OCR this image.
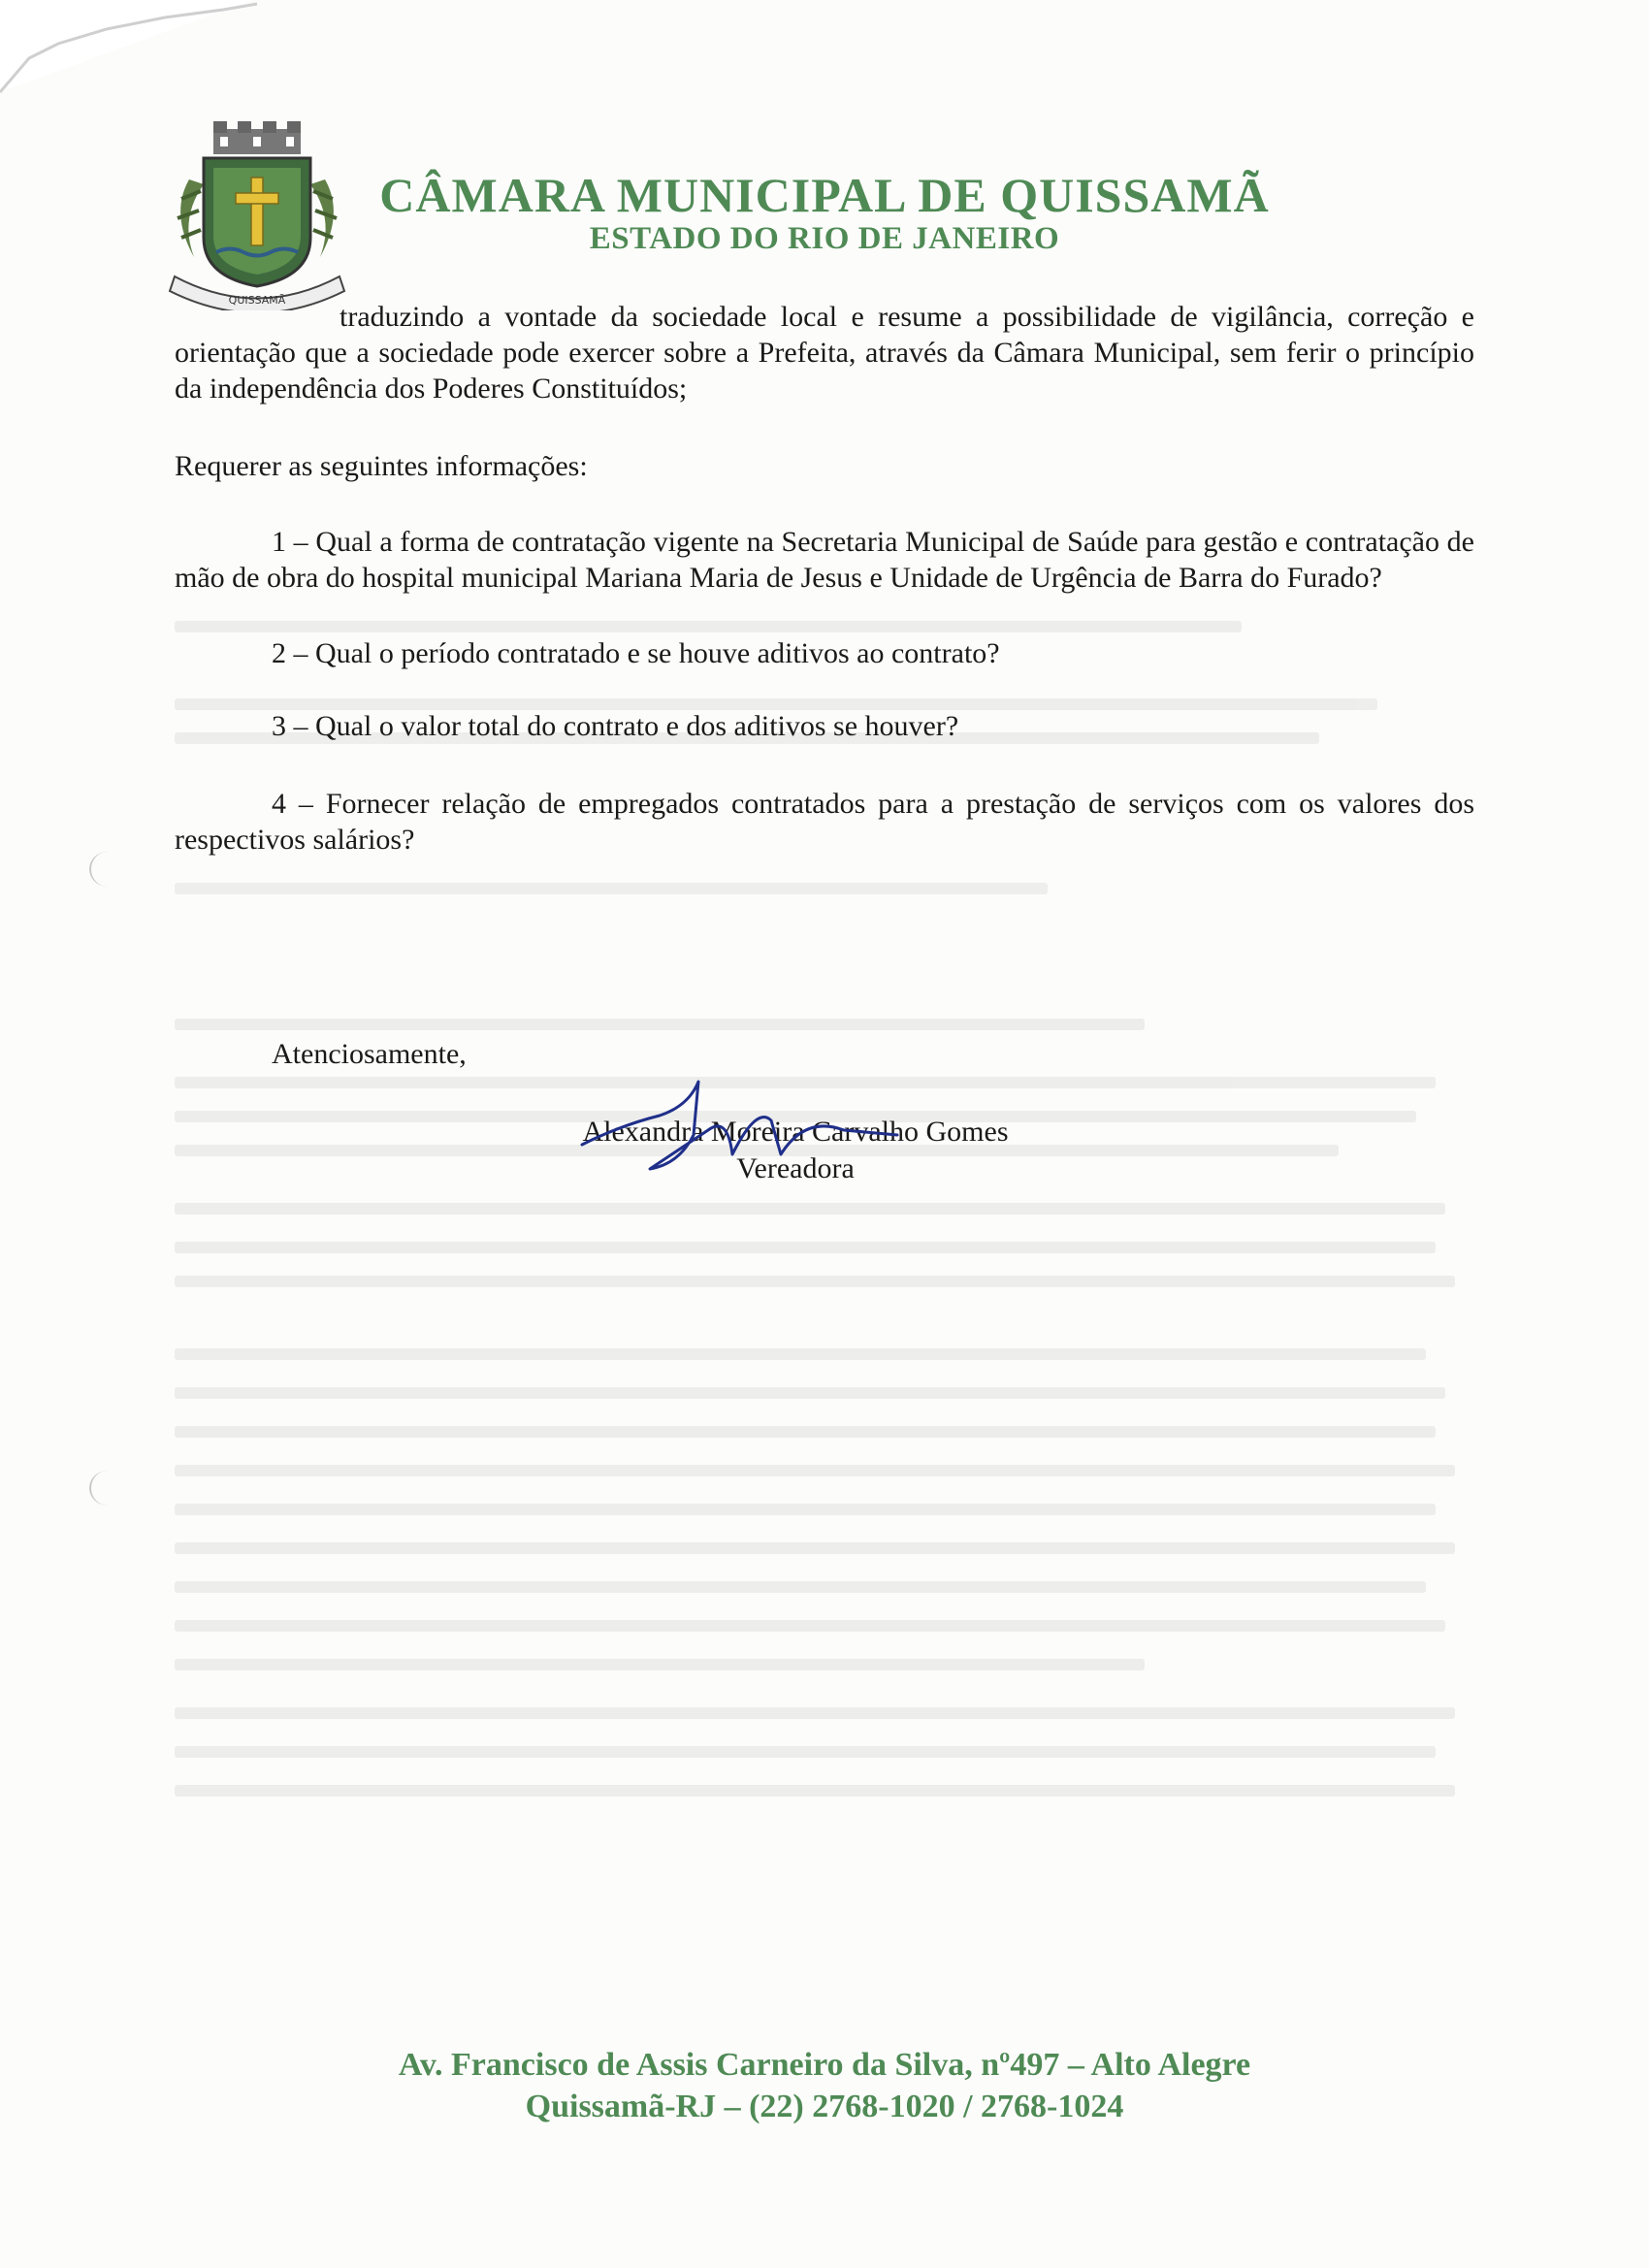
QUISSAMÃ
CÂMARA MUNICIPAL DE QUISSAMÃ
ESTADO DO RIO DE JANEIRO
traduzindo a vontade da sociedade local e resume a possibilidade de vigilância, correção e orientação que a sociedade pode exercer sobre a Prefeita, através da Câmara Municipal, sem ferir o princípio da independência dos Poderes Constituídos;
Requerer as seguintes informações:
1 – Qual a forma de contratação vigente na Secretaria Municipal de Saúde para gestão e contratação de mão de obra do hospital municipal Mariana Maria de Jesus e Unidade de Urgência de Barra do Furado?
2 – Qual o período contratado e se houve aditivos ao contrato?
3 – Qual o valor total do contrato e dos aditivos se houver?
4 – Fornecer relação de empregados contratados para a prestação de serviços com os valores dos respectivos salários?
Atenciosamente,
Alexandra Moreira Carvalho Gomes
Vereadora
Av. Francisco de Assis Carneiro da Silva, nº497 – Alto Alegre
Quissamã-RJ – (22) 2768-1020 / 2768-1024
